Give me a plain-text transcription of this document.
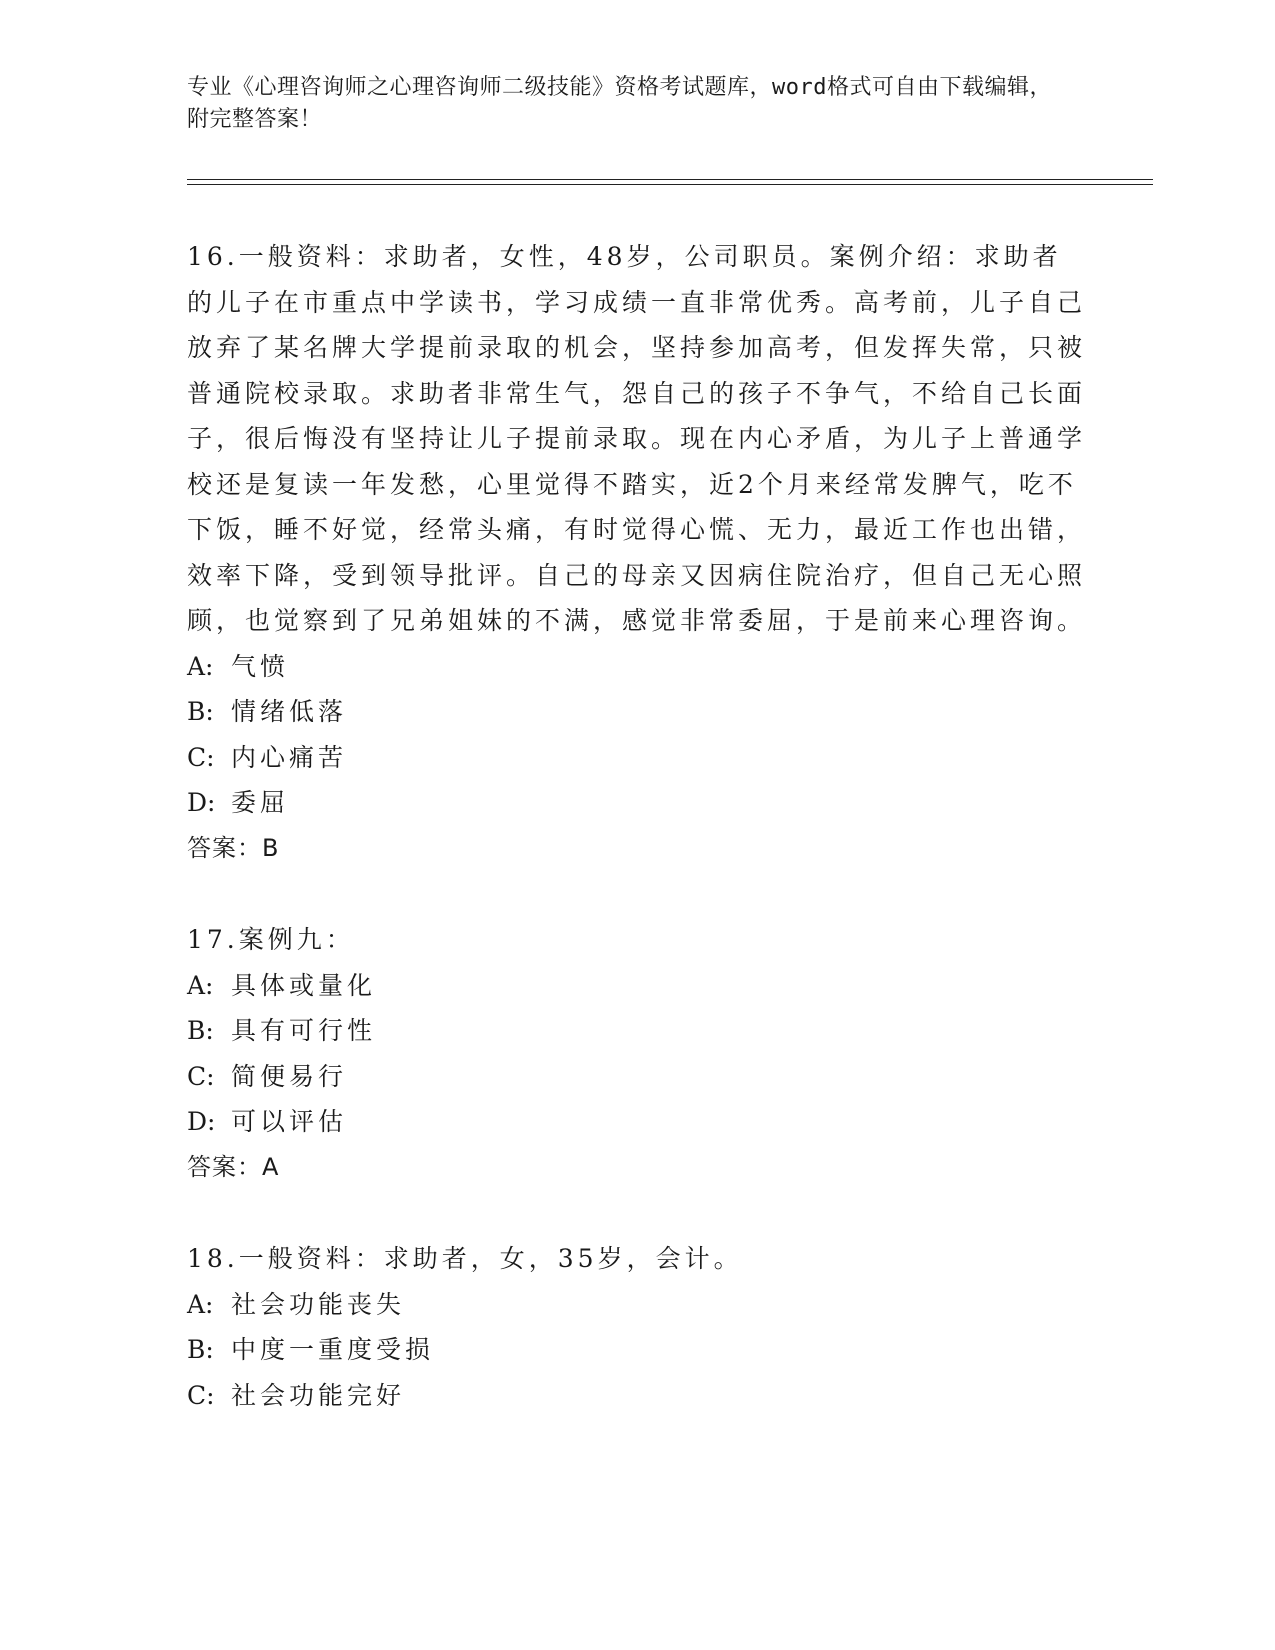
专业《心理咨询师之心理咨询师二级技能》资格考试题库，word格式可自由下载编辑，附完整答案！

16.一般资料：求助者，女性，48岁，公司职员。案例介绍：求助者的儿子在市重点中学读书，学习成绩一直非常优秀。高考前，儿子自己放弃了某名牌大学提前录取的机会，坚持参加高考，但发挥失常，只被普通院校录取。求助者非常生气，怨自己的孩子不争气，不给自己长面子，很后悔没有坚持让儿子提前录取。现在内心矛盾，为儿子上普通学校还是复读一年发愁，心里觉得不踏实，近2个月来经常发脾气，吃不下饭，睡不好觉，经常头痛，有时觉得心慌、无力，最近工作也出错，效率下降，受到领导批评。自己的母亲又因病住院治疗，但自己无心照顾，也觉察到了兄弟姐妹的不满，感觉非常委屈，于是前来心理咨询。

A: 气愤

B: 情绪低落

C: 内心痛苦

D: 委屈

答案：B

17.案例九：

A: 具体或量化

B: 具有可行性

C: 简便易行

D: 可以评估

答案：A

18.一般资料：求助者，女，35岁，会计。

A: 社会功能丧失

B: 中度一重度受损

C: 社会功能完好
